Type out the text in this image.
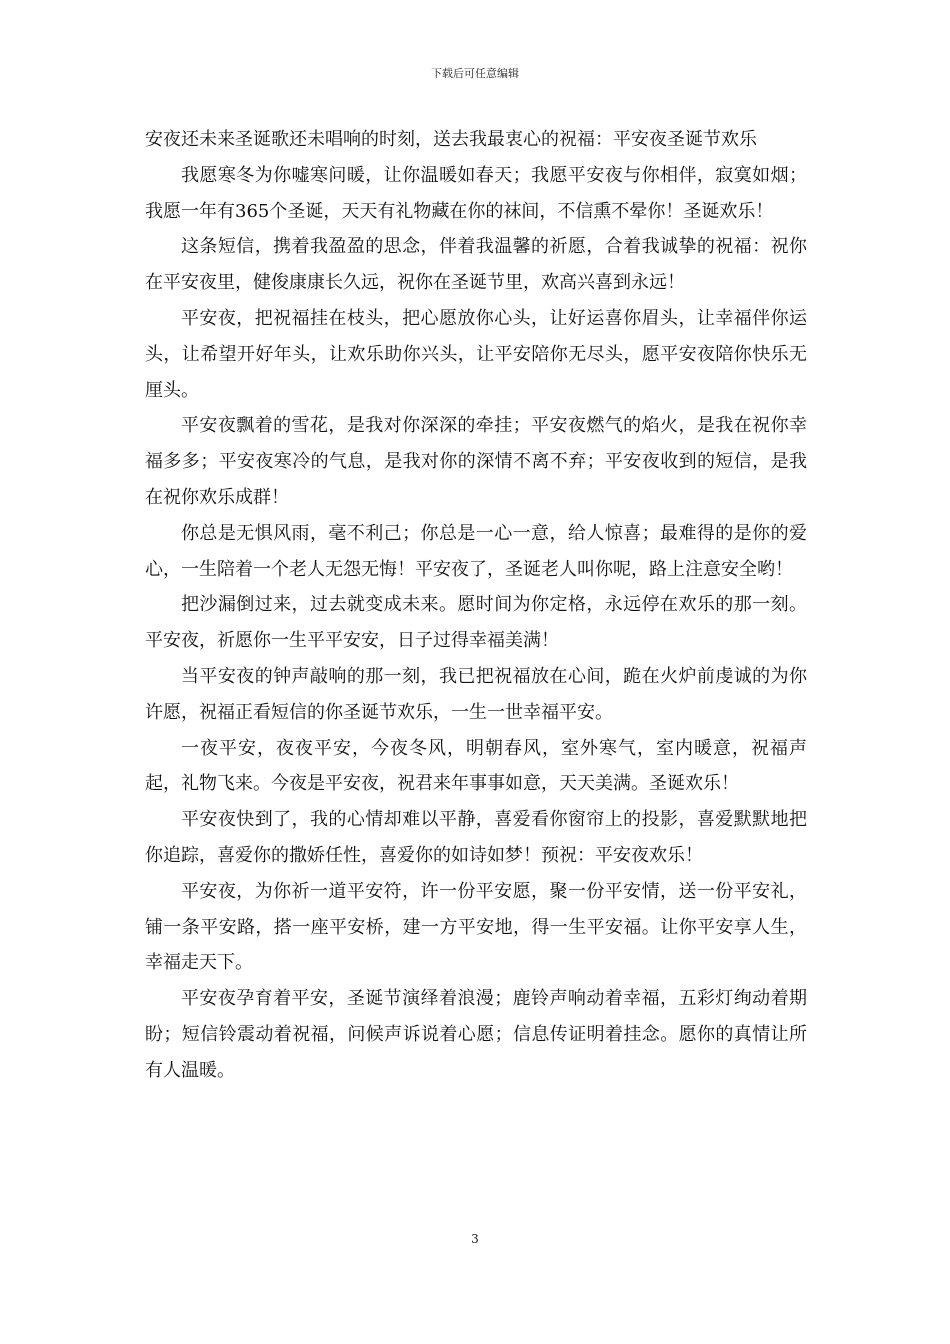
下载后可任意编辑

安夜还未来圣诞歌还未唱响的时刻，送去我最衷心的祝福：平安夜圣诞节欢乐

我愿寒冬为你嘘寒问暖，让你温暖如春天；我愿平安夜与你相伴，寂寞如烟；我愿一年有365个圣诞，天天有礼物藏在你的袜间，不信熏不晕你！圣诞欢乐！

这条短信，携着我盈盈的思念，伴着我温馨的祈愿，合着我诚挚的祝福：祝你在平安夜里，健俊康康长久远，祝你在圣诞节里，欢高兴喜到永远！

平安夜，把祝福挂在枝头，把心愿放你心头，让好运喜你眉头，让幸福伴你运头，让希望开好年头，让欢乐助你兴头，让平安陪你无尽头，愿平安夜陪你快乐无厘头。

平安夜飘着的雪花，是我对你深深的牵挂；平安夜燃气的焰火，是我在祝你幸福多多；平安夜寒冷的气息，是我对你的深情不离不弃；平安夜收到的短信，是我在祝你欢乐成群！

你总是无惧风雨，毫不利己；你总是一心一意，给人惊喜；最难得的是你的爱心，一生陪着一个老人无怨无悔！平安夜了，圣诞老人叫你呢，路上注意安全哟！

把沙漏倒过来，过去就变成未来。愿时间为你定格，永远停在欢乐的那一刻。平安夜，祈愿你一生平平安安，日子过得幸福美满！

当平安夜的钟声敲响的那一刻，我已把祝福放在心间，跪在火炉前虔诚的为你许愿，祝福正看短信的你圣诞节欢乐，一生一世幸福平安。

一夜平安，夜夜平安，今夜冬风，明朝春风，室外寒气，室内暖意，祝福声起，礼物飞来。今夜是平安夜，祝君来年事事如意，天天美满。圣诞欢乐！

平安夜快到了，我的心情却难以平静，喜爱看你窗帘上的投影，喜爱默默地把你追踪，喜爱你的撒娇任性，喜爱你的如诗如梦！预祝：平安夜欢乐！

平安夜，为你祈一道平安符，许一份平安愿，聚一份平安情，送一份平安礼，铺一条平安路，搭一座平安桥，建一方平安地，得一生平安福。让你平安享人生，幸福走天下。

平安夜孕育着平安，圣诞节演绎着浪漫；鹿铃声响动着幸福，五彩灯绚动着期盼；短信铃震动着祝福，问候声诉说着心愿；信息传证明着挂念。愿你的真情让所有人温暖。

3
